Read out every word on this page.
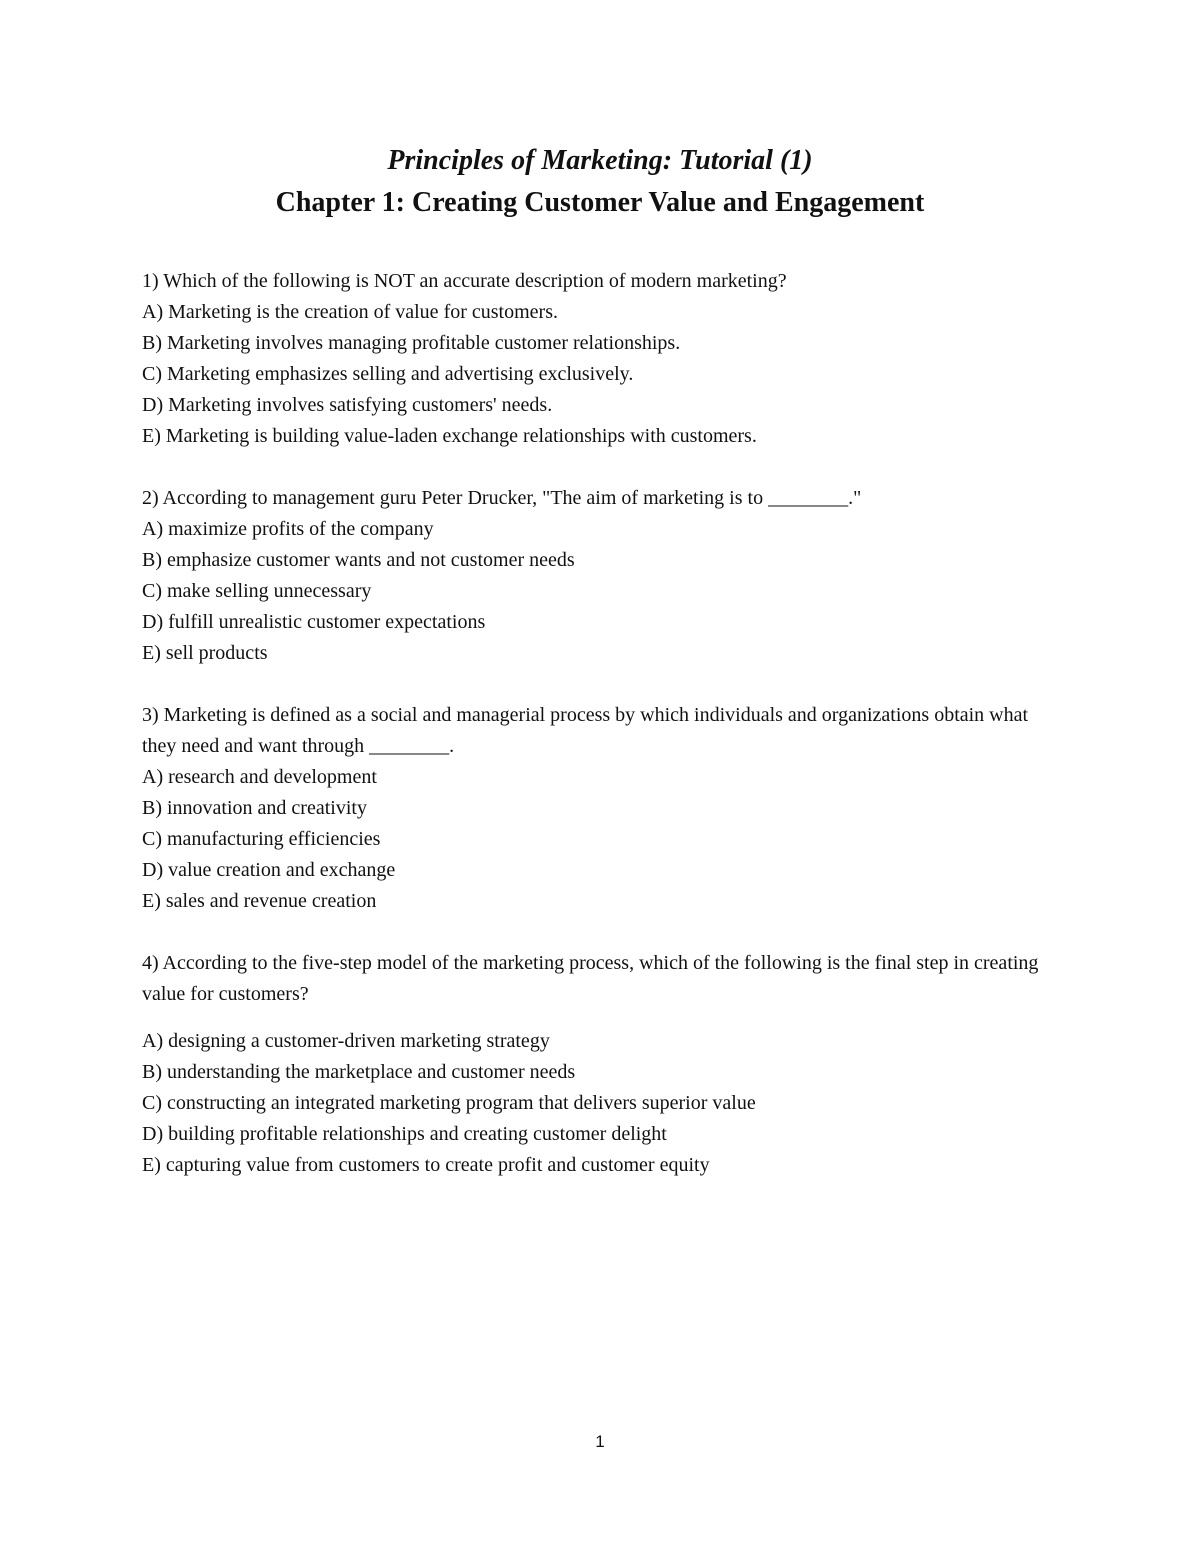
Principles of Marketing: Tutorial (1)

Chapter 1: Creating Customer Value and Engagement

1) Which of the following is NOT an accurate description of modern marketing?

A) Marketing is the creation of value for customers.
B) Marketing involves managing profitable customer relationships.
C) Marketing emphasizes selling and advertising exclusively.
D) Marketing involves satisfying customers' needs.
E) Marketing is building value-laden exchange relationships with customers.

2) According to management guru Peter Drucker, "The aim of marketing is to ________."

A) maximize profits of the company
B) emphasize customer wants and not customer needs
C) make selling unnecessary
D) fulfill unrealistic customer expectations
E) sell products

3) Marketing is defined as a social and managerial process by which individuals and organizations obtain what they need and want through ________.

A) research and development
B) innovation and creativity
C) manufacturing efficiencies
D) value creation and exchange
E) sales and revenue creation

4) According to the five-step model of the marketing process, which of the following is the final step in creating value for customers?

A) designing a customer-driven marketing strategy
B) understanding the marketplace and customer needs
C) constructing an integrated marketing program that delivers superior value
D) building profitable relationships and creating customer delight
E) capturing value from customers to create profit and customer equity
1
